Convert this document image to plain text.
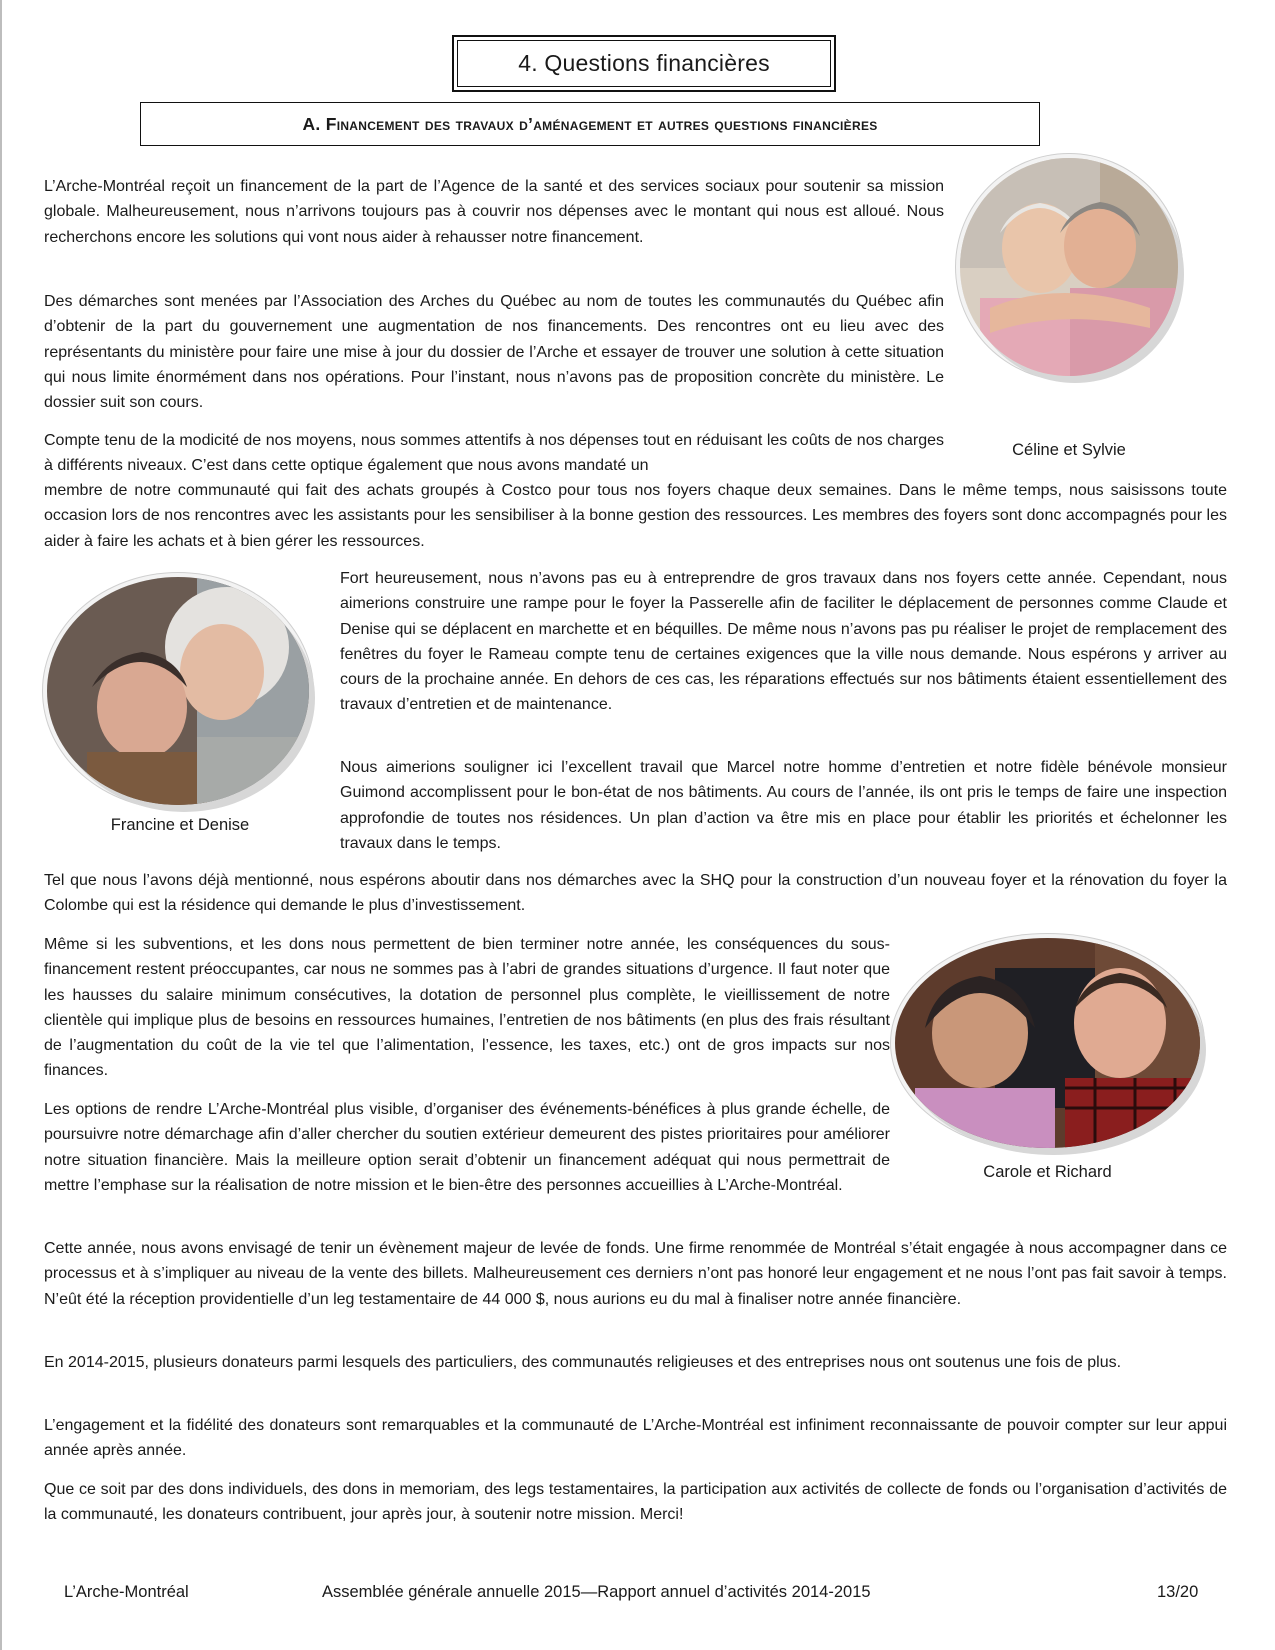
4. Questions financières
A. Financement des travaux d’aménagement et autres questions financières

L’Arche-Montréal reçoit un financement de la part de l’Agence de la santé et des services sociaux pour soutenir sa mission globale. Malheureusement, nous n’arrivons toujours pas à couvrir nos dépenses avec le montant qui nous est alloué. Nous recherchons encore les solutions qui vont nous aider à rehausser notre financement.

Des démarches sont menées par l’Association des Arches du Québec au nom de toutes les communautés du Québec afin d’obtenir de la part du gouvernement une augmentation de nos financements. Des rencontres ont eu lieu avec des représentants du ministère pour faire une mise à jour du dossier de l’Arche et essayer de trouver une solution à cette situation qui nous limite énormément dans nos opérations. Pour l’instant, nous n’avons pas de proposition concrète du ministère. Le dossier suit son cours.

Compte tenu de la modicité de nos moyens, nous sommes attentifs à nos dépenses tout en réduisant les coûts de nos charges à différents niveaux. C’est dans cette optique également que nous avons mandaté un

membre de notre communauté qui fait des achats groupés à Costco pour tous nos foyers chaque deux semaines. Dans le même temps, nous saisissons toute occasion lors de nos rencontres avec les assistants pour les sensibiliser à la bonne gestion des ressources. Les membres des foyers sont donc accompagnés pour les aider à faire les achats et à bien gérer les ressources.

Fort heureusement, nous n’avons pas eu à entreprendre de gros travaux dans nos foyers cette année. Cependant, nous aimerions construire une rampe pour le foyer la Passerelle afin de faciliter le déplacement de personnes comme Claude et Denise qui se déplacent en marchette et en béquilles. De même nous n’avons pas pu réaliser le projet de remplacement des fenêtres du foyer le Rameau compte tenu de certaines exigences que la ville nous demande. Nous espérons y arriver au cours de la prochaine année. En dehors de ces cas, les réparations effectués sur nos bâtiments étaient essentiellement des travaux d’entretien et de maintenance.

Nous aimerions souligner ici l’excellent travail que Marcel notre homme d’entretien et notre fidèle bénévole monsieur Guimond accomplissent pour le bon-état de nos bâtiments. Au cours de l’année, ils ont pris le temps de faire une inspection approfondie de toutes nos résidences. Un plan d’action va être mis en place pour établir les priorités et échelonner les travaux dans le temps.

Tel que nous l’avons déjà mentionné, nous espérons aboutir dans nos démarches avec la SHQ pour la construction d’un nouveau foyer et la rénovation du foyer la Colombe qui est la résidence qui demande le plus d’investissement.

Même si les subventions, et les dons nous permettent de bien terminer notre année, les conséquences du sous-financement restent préoccupantes, car nous ne sommes pas à l’abri de grandes situations d’urgence. Il faut noter que les hausses du salaire minimum consécutives, la dotation de personnel plus complète, le vieillissement de notre clientèle qui implique plus de besoins en ressources humaines, l’entretien de nos bâtiments (en plus des frais résultant de l’augmentation du coût de la vie tel que l’alimentation, l’essence, les taxes, etc.) ont de gros impacts sur nos finances.

Les options de rendre L’Arche-Montréal plus visible, d’organiser des événements-bénéfices à plus grande échelle, de poursuivre notre démarchage afin d’aller chercher du soutien extérieur demeurent des pistes prioritaires pour améliorer notre situation financière. Mais la meilleure option serait d’obtenir un financement adéquat qui nous permettrait de mettre l’emphase sur la réalisation de notre mission et le bien-être des personnes accueillies à L’Arche-Montréal.

Cette année, nous avons envisagé de tenir un évènement majeur de levée de fonds. Une firme renommée de Montréal s’était engagée à nous accompagner dans ce processus et à s’impliquer au niveau de la vente des billets. Malheureusement ces derniers n’ont pas honoré leur engagement et ne nous l’ont pas fait savoir à temps. N’eût été la réception providentielle d’un leg testamentaire de 44 000 $, nous aurions eu du mal à finaliser notre année financière.

En 2014-2015, plusieurs donateurs parmi lesquels des particuliers, des communautés religieuses et des entreprises nous ont soutenus une fois de plus.

L’engagement et la fidélité des donateurs sont remarquables et la communauté de L’Arche-Montréal est infiniment reconnaissante de pouvoir compter sur leur appui année après année.

Que ce soit par des dons individuels, des dons in memoriam, des legs testamentaires, la participation aux activités de collecte de fonds ou l’organisation d’activités de la communauté, les donateurs contribuent, jour après jour, à soutenir notre mission. Merci!

Céline et Sylvie
Francine et Denise
Carole et Richard
L’Arche-Montréal	Assemblée générale annuelle 2015—Rapport annuel d’activités 2014-2015	13/20
